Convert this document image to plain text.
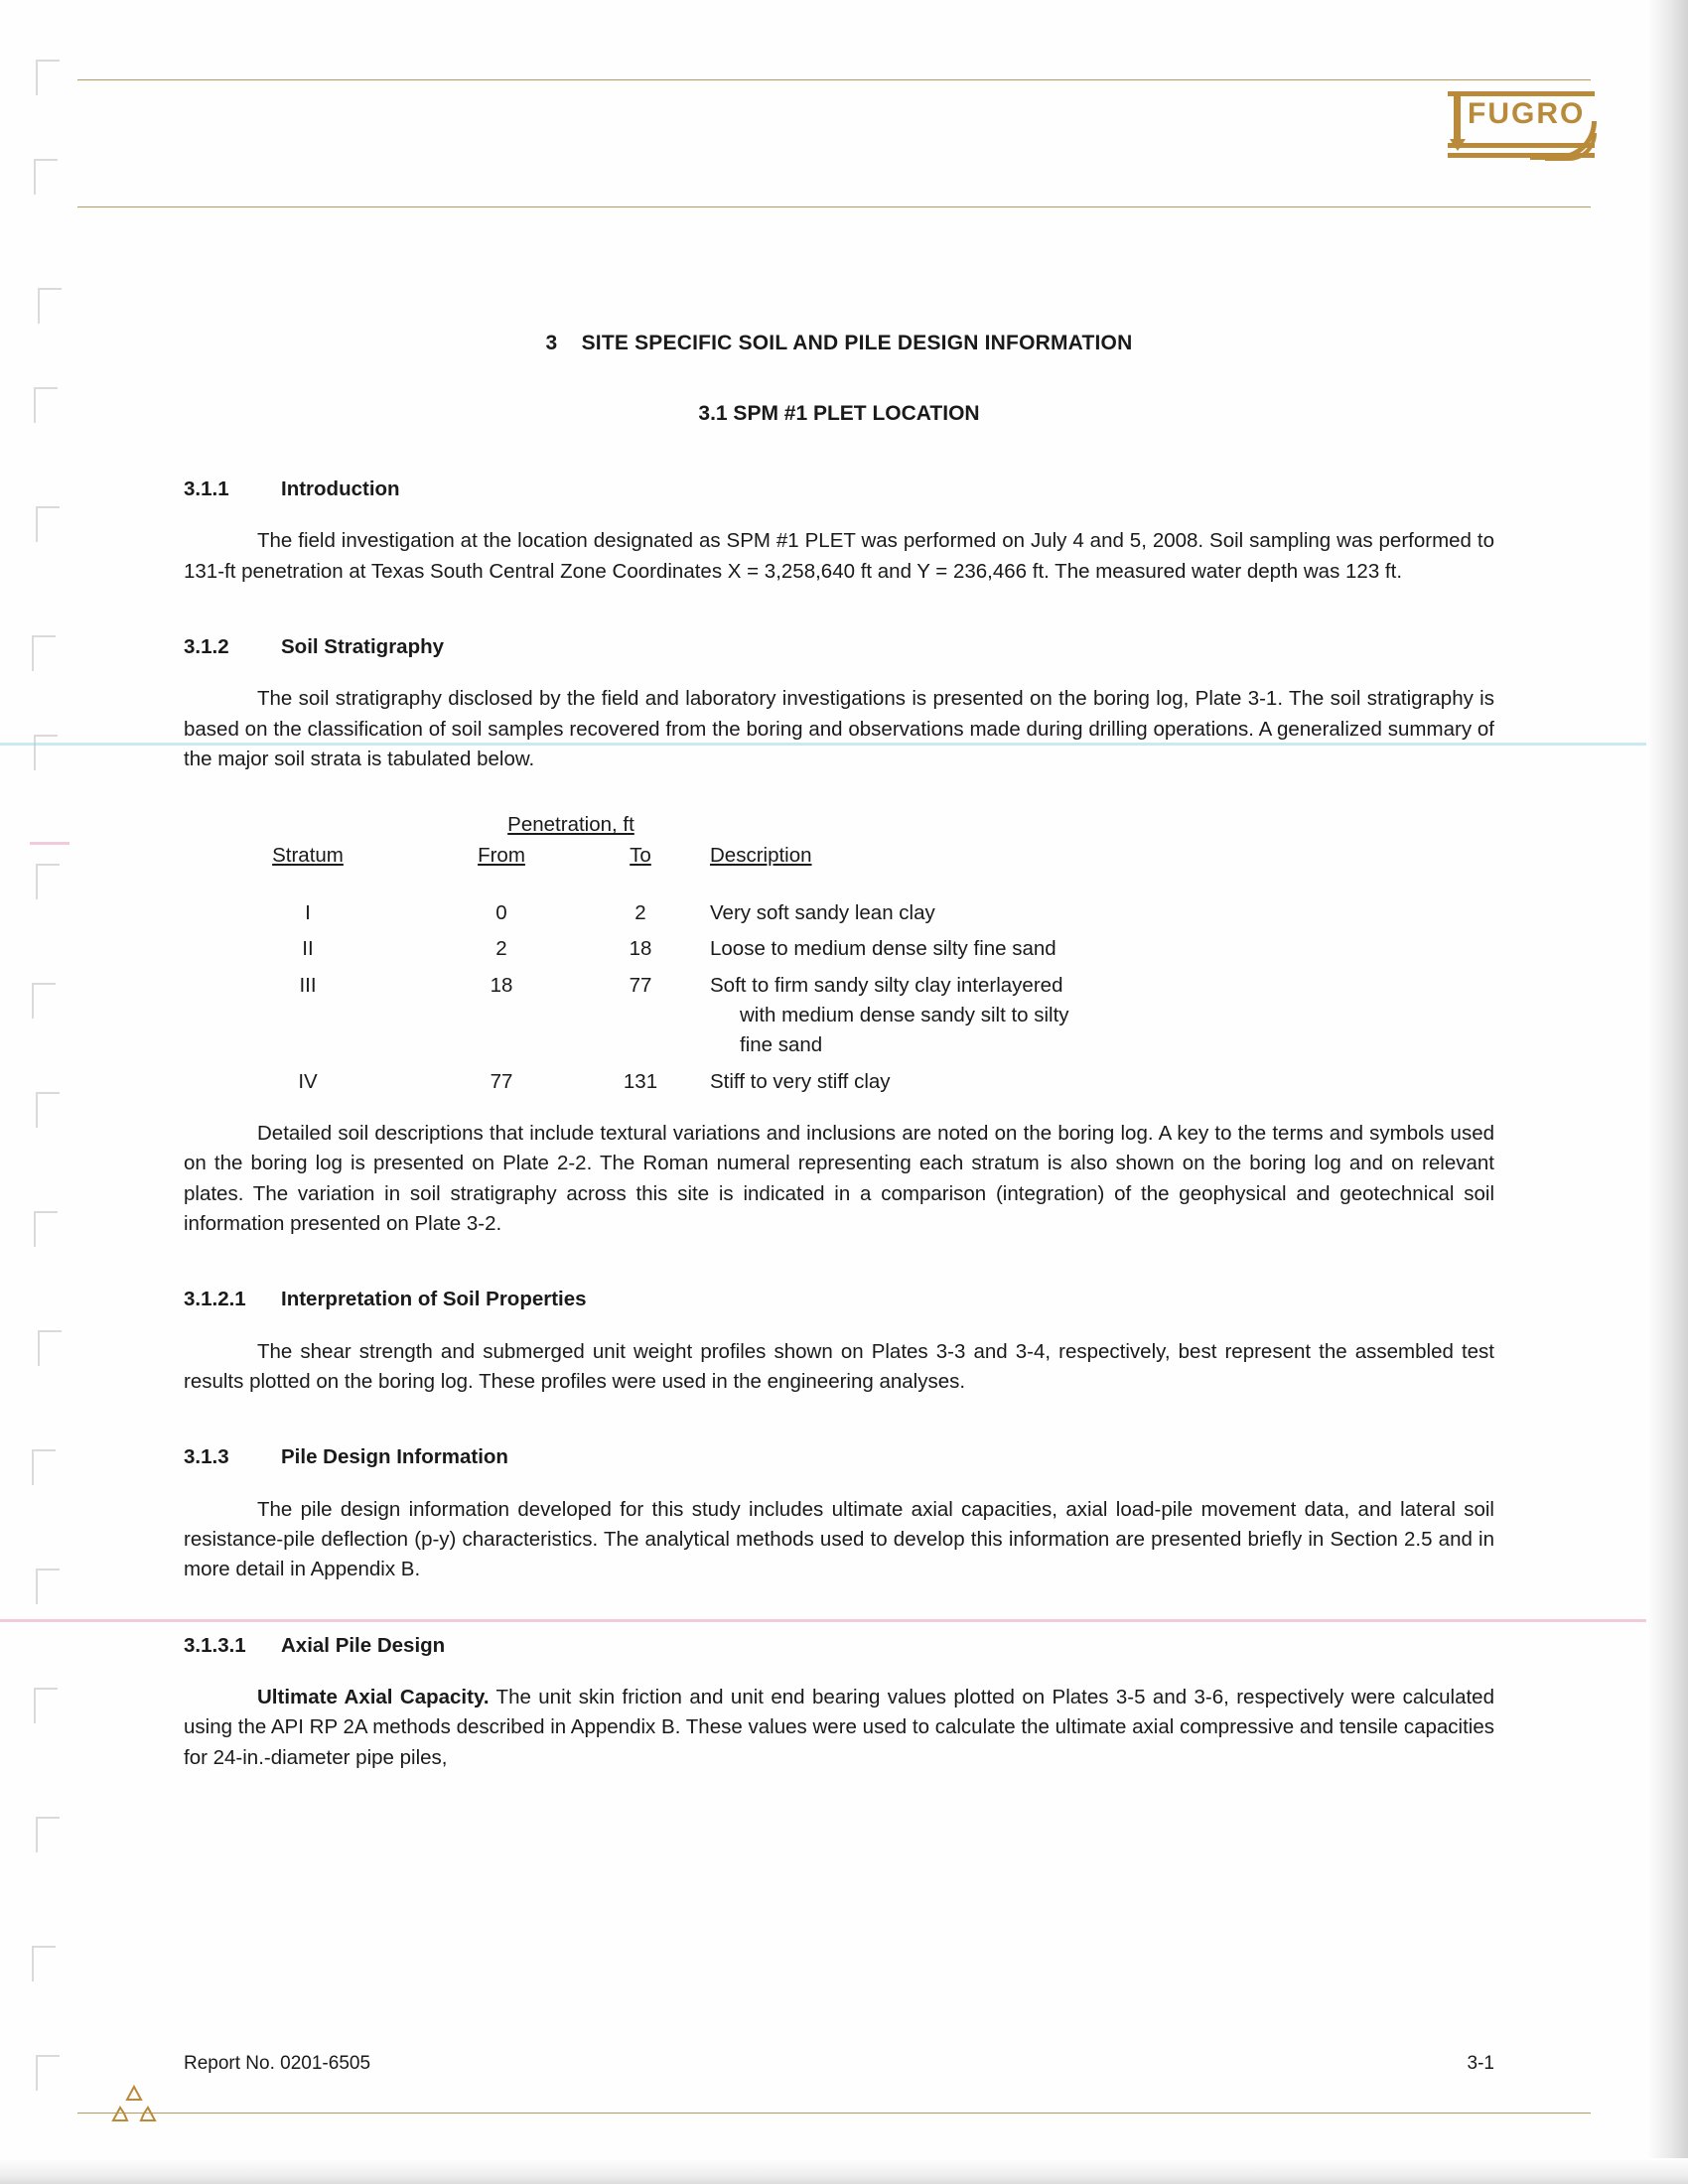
FUGRO
3 SITE SPECIFIC SOIL AND PILE DESIGN INFORMATION
3.1 SPM #1 PLET LOCATION
3.1.1	Introduction

The field investigation at the location designated as SPM #1 PLET was performed on July 4 and 5, 2008. Soil sampling was performed to 131-ft penetration at Texas South Central Zone Coordinates X = 3,258,640 ft and Y = 236,466 ft. The measured water depth was 123 ft.

3.1.2	Soil Stratigraphy

The soil stratigraphy disclosed by the field and laboratory investigations is presented on the boring log, Plate 3-1. The soil stratigraphy is based on the classification of soil samples recovered from the boring and observations made during drilling operations. A generalized summary of the major soil strata is tabulated below.

	Penetration, ft		
Stratum	From	To	Description
I	0	2	Very soft sandy lean clay
II	2	18	Loose to medium dense silty fine sand
III	18	77	Soft to firm sandy silty clay interlayered
			with medium dense sandy silt to silty
			fine sand
IV	77	131	Stiff to very stiff clay

Detailed soil descriptions that include textural variations and inclusions are noted on the boring log. A key to the terms and symbols used on the boring log is presented on Plate 2-2. The Roman numeral representing each stratum is also shown on the boring log and on relevant plates. The variation in soil stratigraphy across this site is indicated in a comparison (integration) of the geophysical and geotechnical soil information presented on Plate 3-2.

3.1.2.1	Interpretation of Soil Properties

The shear strength and submerged unit weight profiles shown on Plates 3-3 and 3-4, respectively, best represent the assembled test results plotted on the boring log. These profiles were used in the engineering analyses.

3.1.3	Pile Design Information

The pile design information developed for this study includes ultimate axial capacities, axial load-pile movement data, and lateral soil resistance-pile deflection (p-y) characteristics. The analytical methods used to develop this information are presented briefly in Section 2.5 and in more detail in Appendix B.

3.1.3.1	Axial Pile Design

Ultimate Axial Capacity. The unit skin friction and unit end bearing values plotted on Plates 3-5 and 3-6, respectively were calculated using the API RP 2A methods described in Appendix B. These values were used to calculate the ultimate axial compressive and tensile capacities for 24-in.-diameter pipe piles,

Report No. 0201-6505	3-1
